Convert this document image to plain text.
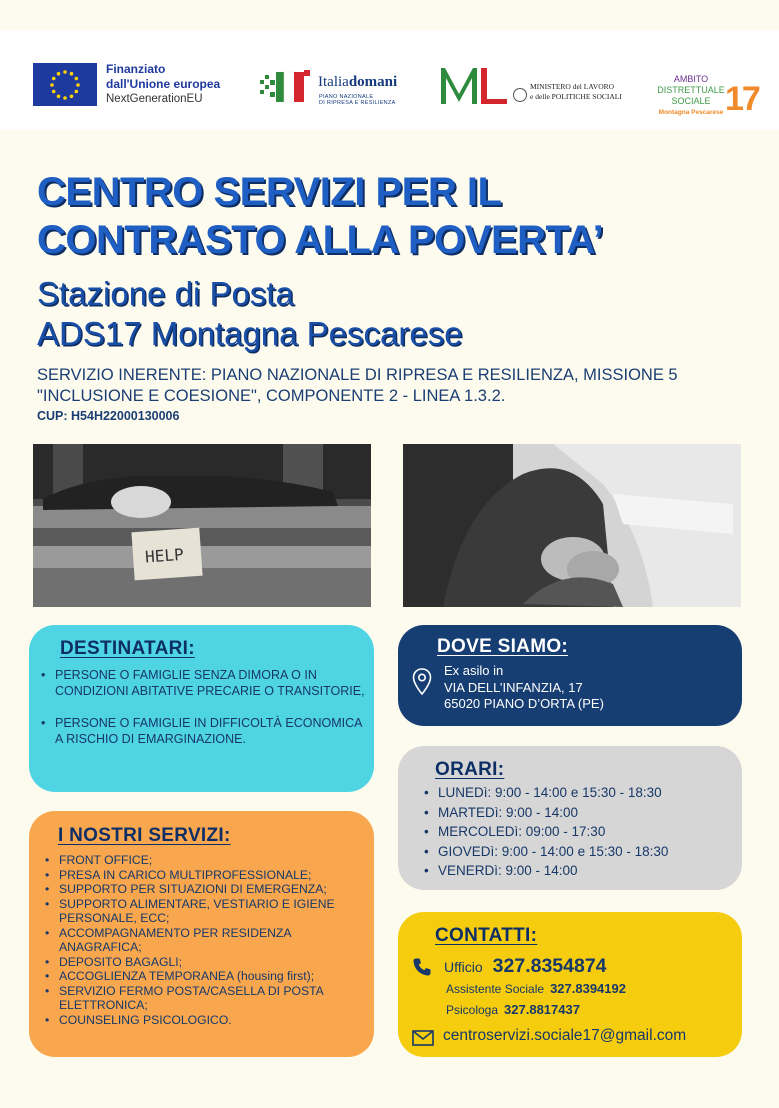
Finanziato
dall'Unione europea
NextGenerationEU
Italiadomani
PIANO NAZIONALE
DI RIPRESA E RESILIENZA
MINISTERO del LAVORO
e delle POLITICHE SOCIALI
AMBITO
DISTRETTUALE
SOCIALE
Montagna Pescarese 17
CENTRO SERVIZI PER IL
CONTRASTO ALLA POVERTA’
Stazione di Posta
ADS17 Montagna Pescarese
SERVIZIO INERENTE: PIANO NAZIONALE DI RIPRESA E RESILIENZA, MISSIONE 5 "INCLUSIONE E COESIONE", COMPONENTE 2 - LINEA 1.3.2.
CUP: H54H22000130006
HELP
DESTINATARI:
• PERSONE O FAMIGLIE SENZA DIMORA O IN CONDIZIONI ABITATIVE PRECARIE O TRANSITORIE,
• PERSONE O FAMIGLIE IN DIFFICOLTÀ ECONOMICA A RISCHIO DI EMARGINAZIONE.
I NOSTRI SERVIZI:
• FRONT OFFICE;
• PRESA IN CARICO MULTIPROFESSIONALE;
• SUPPORTO PER SITUAZIONI DI EMERGENZA;
• SUPPORTO ALIMENTARE, VESTIARIO E IGIENE PERSONALE, ECC;
• ACCOMPAGNAMENTO PER RESIDENZA ANAGRAFICA;
• DEPOSITO BAGAGLI;
• ACCOGLIENZA TEMPORANEA (housing first);
• SERVIZIO FERMO POSTA/CASELLA DI POSTA ELETTRONICA;
• COUNSELING PSICOLOGICO.
DOVE SIAMO:
Ex asilo in
VIA DELL’INFANZIA, 17
65020 PIANO D’ORTA (PE)
ORARI:
• LUNEDì: 9:00 - 14:00 e 15:30 - 18:30
• MARTEDì: 9:00 - 14:00
• MERCOLEDì: 09:00 - 17:30
• GIOVEDì: 9:00 - 14:00 e 15:30 - 18:30
• VENERDì: 9:00 - 14:00
CONTATTI:
Ufficio 327.8354874
Assistente Sociale 327.8394192
Psicologa 327.8817437
centroservizi.sociale17@gmail.com
